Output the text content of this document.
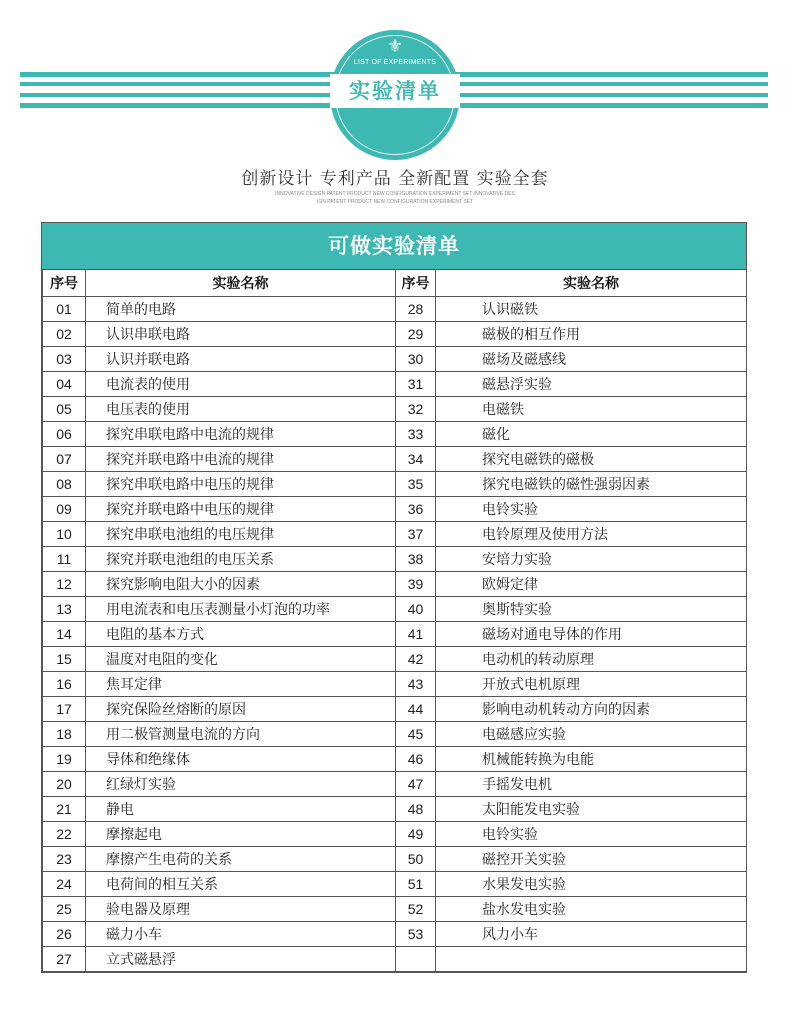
⚜
LIST OF EXPERIMENTS
实验清单
创新设计 专利产品 全新配置 实验全套
INNOVATIVE DESIGN PATENT PRODUCT NEW CONFIGURATION EXPERIMENT SET INNOVATIVE DES
IGN PATENT PRODUCT NEW CONFIGURATION EXPERIMENT SET
可做实验清单
序号	实验名称	序号	实验名称
01	简单的电路	28	认识磁铁
02	认识串联电路	29	磁极的相互作用
03	认识并联电路	30	磁场及磁感线
04	电流表的使用	31	磁悬浮实验
05	电压表的使用	32	电磁铁
06	探究串联电路中电流的规律	33	磁化
07	探究并联电路中电流的规律	34	探究电磁铁的磁极
08	探究串联电路中电压的规律	35	探究电磁铁的磁性强弱因素
09	探究并联电路中电压的规律	36	电铃实验
10	探究串联电池组的电压规律	37	电铃原理及使用方法
11	探究并联电池组的电压关系	38	安培力实验
12	探究影响电阻大小的因素	39	欧姆定律
13	用电流表和电压表测量小灯泡的功率	40	奥斯特实验
14	电阻的基本方式	41	磁场对通电导体的作用
15	温度对电阻的变化	42	电动机的转动原理
16	焦耳定律	43	开放式电机原理
17	探究保险丝熔断的原因	44	影响电动机转动方向的因素
18	用二极管测量电流的方向	45	电磁感应实验
19	导体和绝缘体	46	机械能转换为电能
20	红绿灯实验	47	手摇发电机
21	静电	48	太阳能发电实验
22	摩擦起电	49	电铃实验
23	摩擦产生电荷的关系	50	磁控开关实验
24	电荷间的相互关系	51	水果发电实验
25	验电器及原理	52	盐水发电实验
26	磁力小车	53	风力小车
27	立式磁悬浮		
